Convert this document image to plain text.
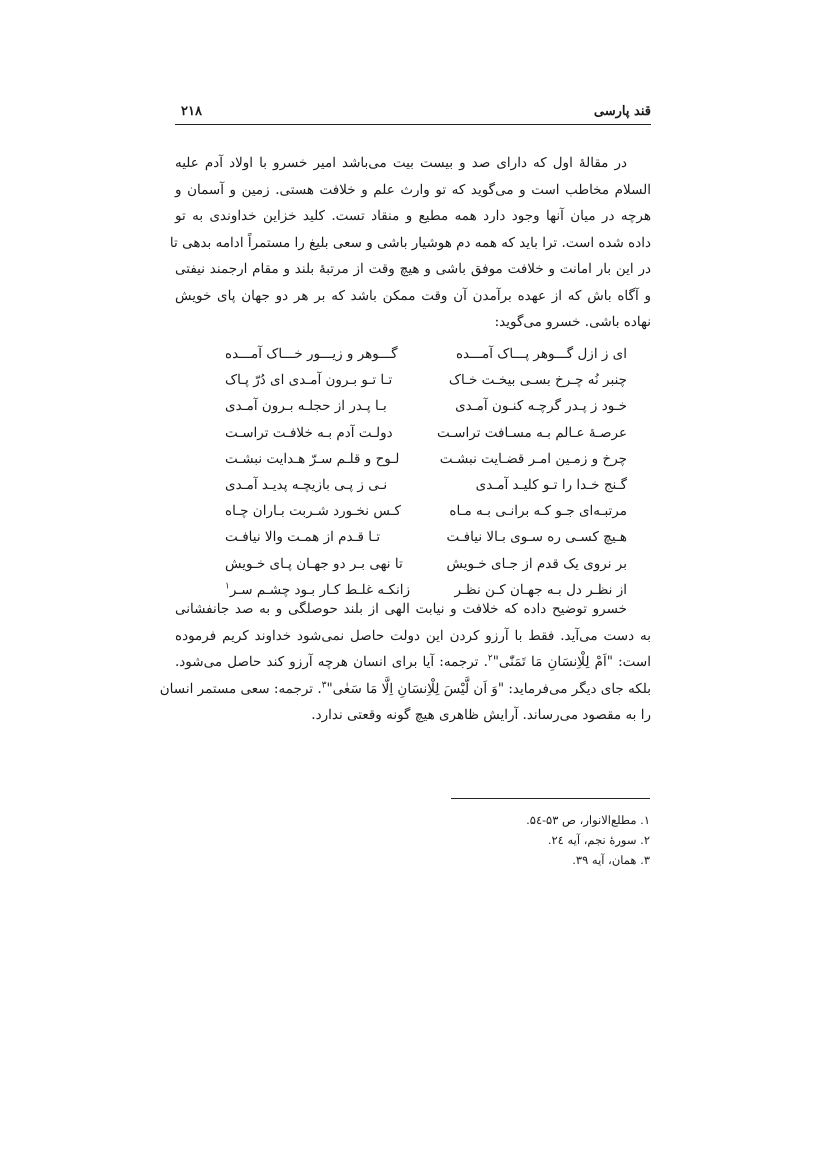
قند پارسی
۲۱۸
در مقالۀ اول که دارای صد و بیست بیت می‌باشد امیر خسرو با اولاد آدم علیه
السلام مخاطب است و می‌گوید که تو وارث علم و خلافت هستی. زمین و آسمان و
هرچه در میان آنها وجود دارد همه مطیع و منقاد تست. کلید خزاین خداوندی به تو
داده شده است. ترا باید که همه دم هوشیار باشی و سعی بلیغ را مستمراً ادامه بدهی تا
در این بار امانت و خلافت موفق باشی و هیچ وقت از مرتبۀ بلند و مقام ارجمند نیفتی
و آگاه باش که از عهده برآمدن آن وقت ممکن باشد که بر هر دو جهان پای خویش
نهاده باشی. خسرو می‌گوید:
ای ز ازل گـــوهر پـــاک آمـــده
گـــوهر و زیـــور خـــاک آمـــده
چنبر نُه چـرخ بسـی بیخـت خـاک
تـا تـو بـرون آمـدی ای دُرّ پـاک
خـود ز پـدر گرچـه کنـون آمـدی
بـا پـدر از حجلـه بـرون آمـدی
عرصـۀ عـالم بـه مسـافت تراسـت
دولـت آدم بـه خلافـت تراسـت
چرخ و زمـین امـر قضـایت نبشـت
لـوح و قلـم سـرّ هـدایت نبشـت
گـنج خـدا را تـو کلیـد آمـدی
نـی ز پـی بازیچـه پدیـد آمـدی
مرتبـه‌ای جـو کـه برانـی بـه مـاه
کـس نخـورد شـربت بـاران چـاه
هـیچ کسـی ره سـوی بـالا نیافـت
تـا قـدم از همـت والا نیافـت
بر نروی یک قدم از جـای خـویش
تا نهی بـر دو جهـان پـای خـویش
از نظـر دل بـه جهـان کـن نظـر
زانکـه غلـط کـار بـود چشـم سـر$^۱$
خسرو توضیح داده که خلافت و نیابت الهی از بلند حوصلگی و به صد جانفشانی
به دست می‌آید. فقط با آرزو کردن این دولت حاصل نمی‌شود خداوند کریم فرموده
است: "اَمْ لِلْاِنسَانِ مَا تَمَنّٰی"$^۲$. ترجمه: آیا برای انسان هرچه آرزو کند حاصل می‌شود.
بلکه جای دیگر می‌فرماید: "وَ اَن لَّیْسَ لِلْاِنسَانِ اِلَّا مَا سَعٰی"$^۳$. ترجمه: سعی مستمر انسان
را به مقصود می‌رساند. آرایش ظاهری هیچ گونه وقعتی ندارد.
۱. مطلع‌الانوار، ص ۵۳-۵٤.
۲. سورۀ نجم، آیه ٢٤.
۳. همان، آیه ۳۹.
